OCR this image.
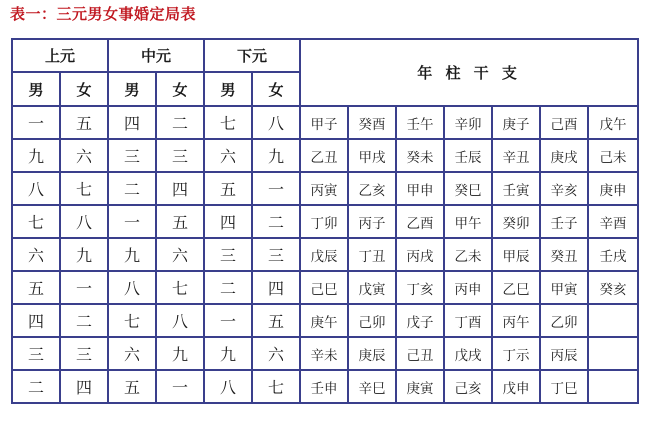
表一：三元男女事婚定局表
上元		中元		下元		年 柱 干 支						
男	女	男	女	男	女							
一	五	四	二	七	八	甲子	癸酉	壬午	辛卯	庚子	己酉	戊午
九	六	三	三	六	九	乙丑	甲戌	癸未	壬辰	辛丑	庚戌	己未
八	七	二	四	五	一	丙寅	乙亥	甲申	癸巳	壬寅	辛亥	庚申
七	八	一	五	四	二	丁卯	丙子	乙酉	甲午	癸卯	壬子	辛酉
六	九	九	六	三	三	戊辰	丁丑	丙戌	乙未	甲辰	癸丑	壬戌
五	一	八	七	二	四	己巳	戊寅	丁亥	丙申	乙巳	甲寅	癸亥
四	二	七	八	一	五	庚午	己卯	戊子	丁酉	丙午	乙卯	
三	三	六	九	九	六	辛未	庚辰	己丑	戊戌	丁示	丙辰	
二	四	五	一	八	七	壬申	辛巳	庚寅	己亥	戊申	丁巳	
